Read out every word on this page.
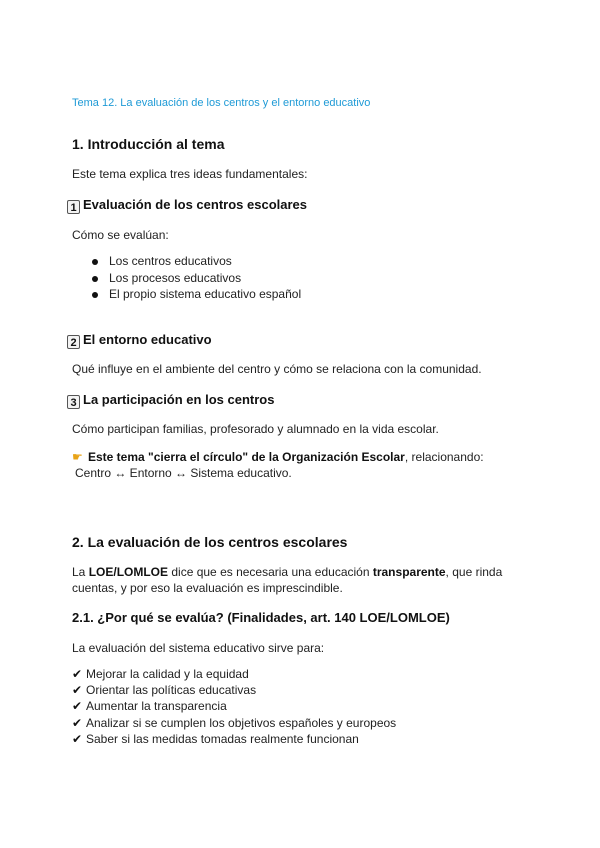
Tema 12. La evaluación de los centros y el entorno educativo
1. Introducción al tema
Este tema explica tres ideas fundamentales:
1 Evaluación de los centros escolares
Cómo se evalúan:
Los centros educativos
Los procesos educativos
El propio sistema educativo español
2 El entorno educativo
Qué influye en el ambiente del centro y cómo se relaciona con la comunidad.
3 La participación en los centros
Cómo participan familias, profesorado y alumnado en la vida escolar.
☛ Este tema "cierra el círculo" de la Organización Escolar, relacionando:
Centro ↔ Entorno ↔ Sistema educativo.
2. La evaluación de los centros escolares
La LOE/LOMLOE dice que es necesaria una educación transparente, que rinda
cuentas, y por eso la evaluación es imprescindible.
2.1. ¿Por qué se evalúa? (Finalidades, art. 140 LOE/LOMLOE)
La evaluación del sistema educativo sirve para:
✔ Mejorar la calidad y la equidad
✔ Orientar las políticas educativas
✔ Aumentar la transparencia
✔ Analizar si se cumplen los objetivos españoles y europeos
✔ Saber si las medidas tomadas realmente funcionan
